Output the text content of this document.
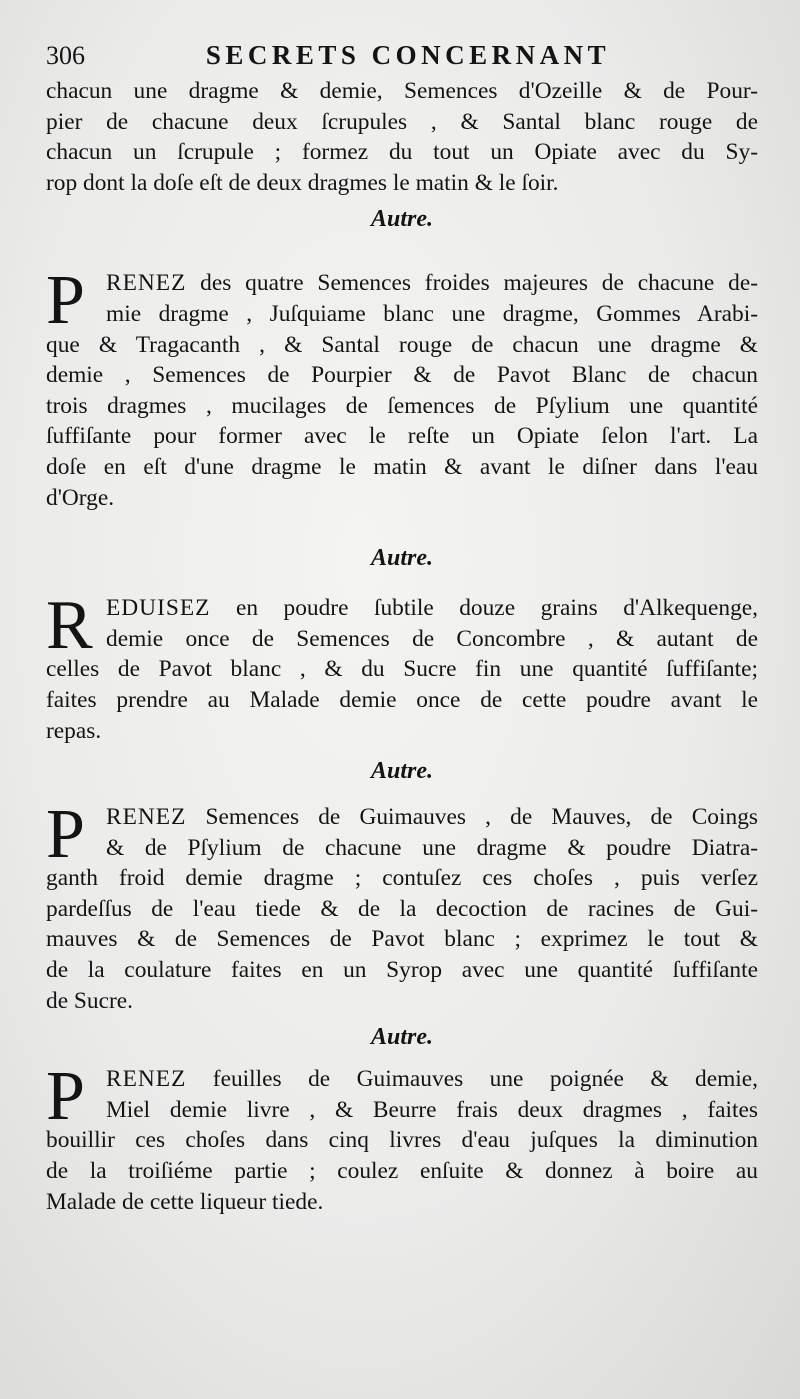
306	SECRETS CONCERNANT
chacun une dragme & demie, Semences d'Ozeille & de Pour-
pier de chacune deux ſcrupules , & Santal blanc rouge de
chacun un ſcrupule ; formez du tout un Opiate avec du Sy-
rop dont la doſe eſt de deux dragmes le matin & le ſoir.
Autre.
P RENEZ des quatre Semences froides majeures de chacune de-
mie dragme , Juſquiame blanc une dragme, Gommes Arabi-
que & Tragacanth , & Santal rouge de chacun une dragme &
demie , Semences de Pourpier & de Pavot Blanc de chacun
trois dragmes , mucilages de ſemences de Pſylium une quantité
ſuffiſante pour former avec le reſte un Opiate ſelon l'art. La
doſe en eſt d'une dragme le matin & avant le diſner dans l'eau
d'Orge.
Autre.
R EDUISEZ en poudre ſubtile douze grains d'Alkequenge,
demie once de Semences de Concombre , & autant de
celles de Pavot blanc , & du Sucre fin une quantité ſuffiſante;
faites prendre au Malade demie once de cette poudre avant le
repas.
Autre.
P RENEZ Semences de Guimauves , de Mauves, de Coings
& de Pſylium de chacune une dragme & poudre Diatra-
ganth froid demie dragme ; contuſez ces choſes , puis verſez
pardeſſus de l'eau tiede & de la decoction de racines de Gui-
mauves & de Semences de Pavot blanc ; exprimez le tout &
de la coulature faites en un Syrop avec une quantité ſuffiſante
de Sucre.
Autre.
P RENEZ feuilles de Guimauves une poignée & demie,
Miel demie livre , & Beurre frais deux dragmes , faites
bouillir ces choſes dans cinq livres d'eau juſques la diminution
de la troiſiéme partie ; coulez enſuite & donnez à boire au
Malade de cette liqueur tiede.
